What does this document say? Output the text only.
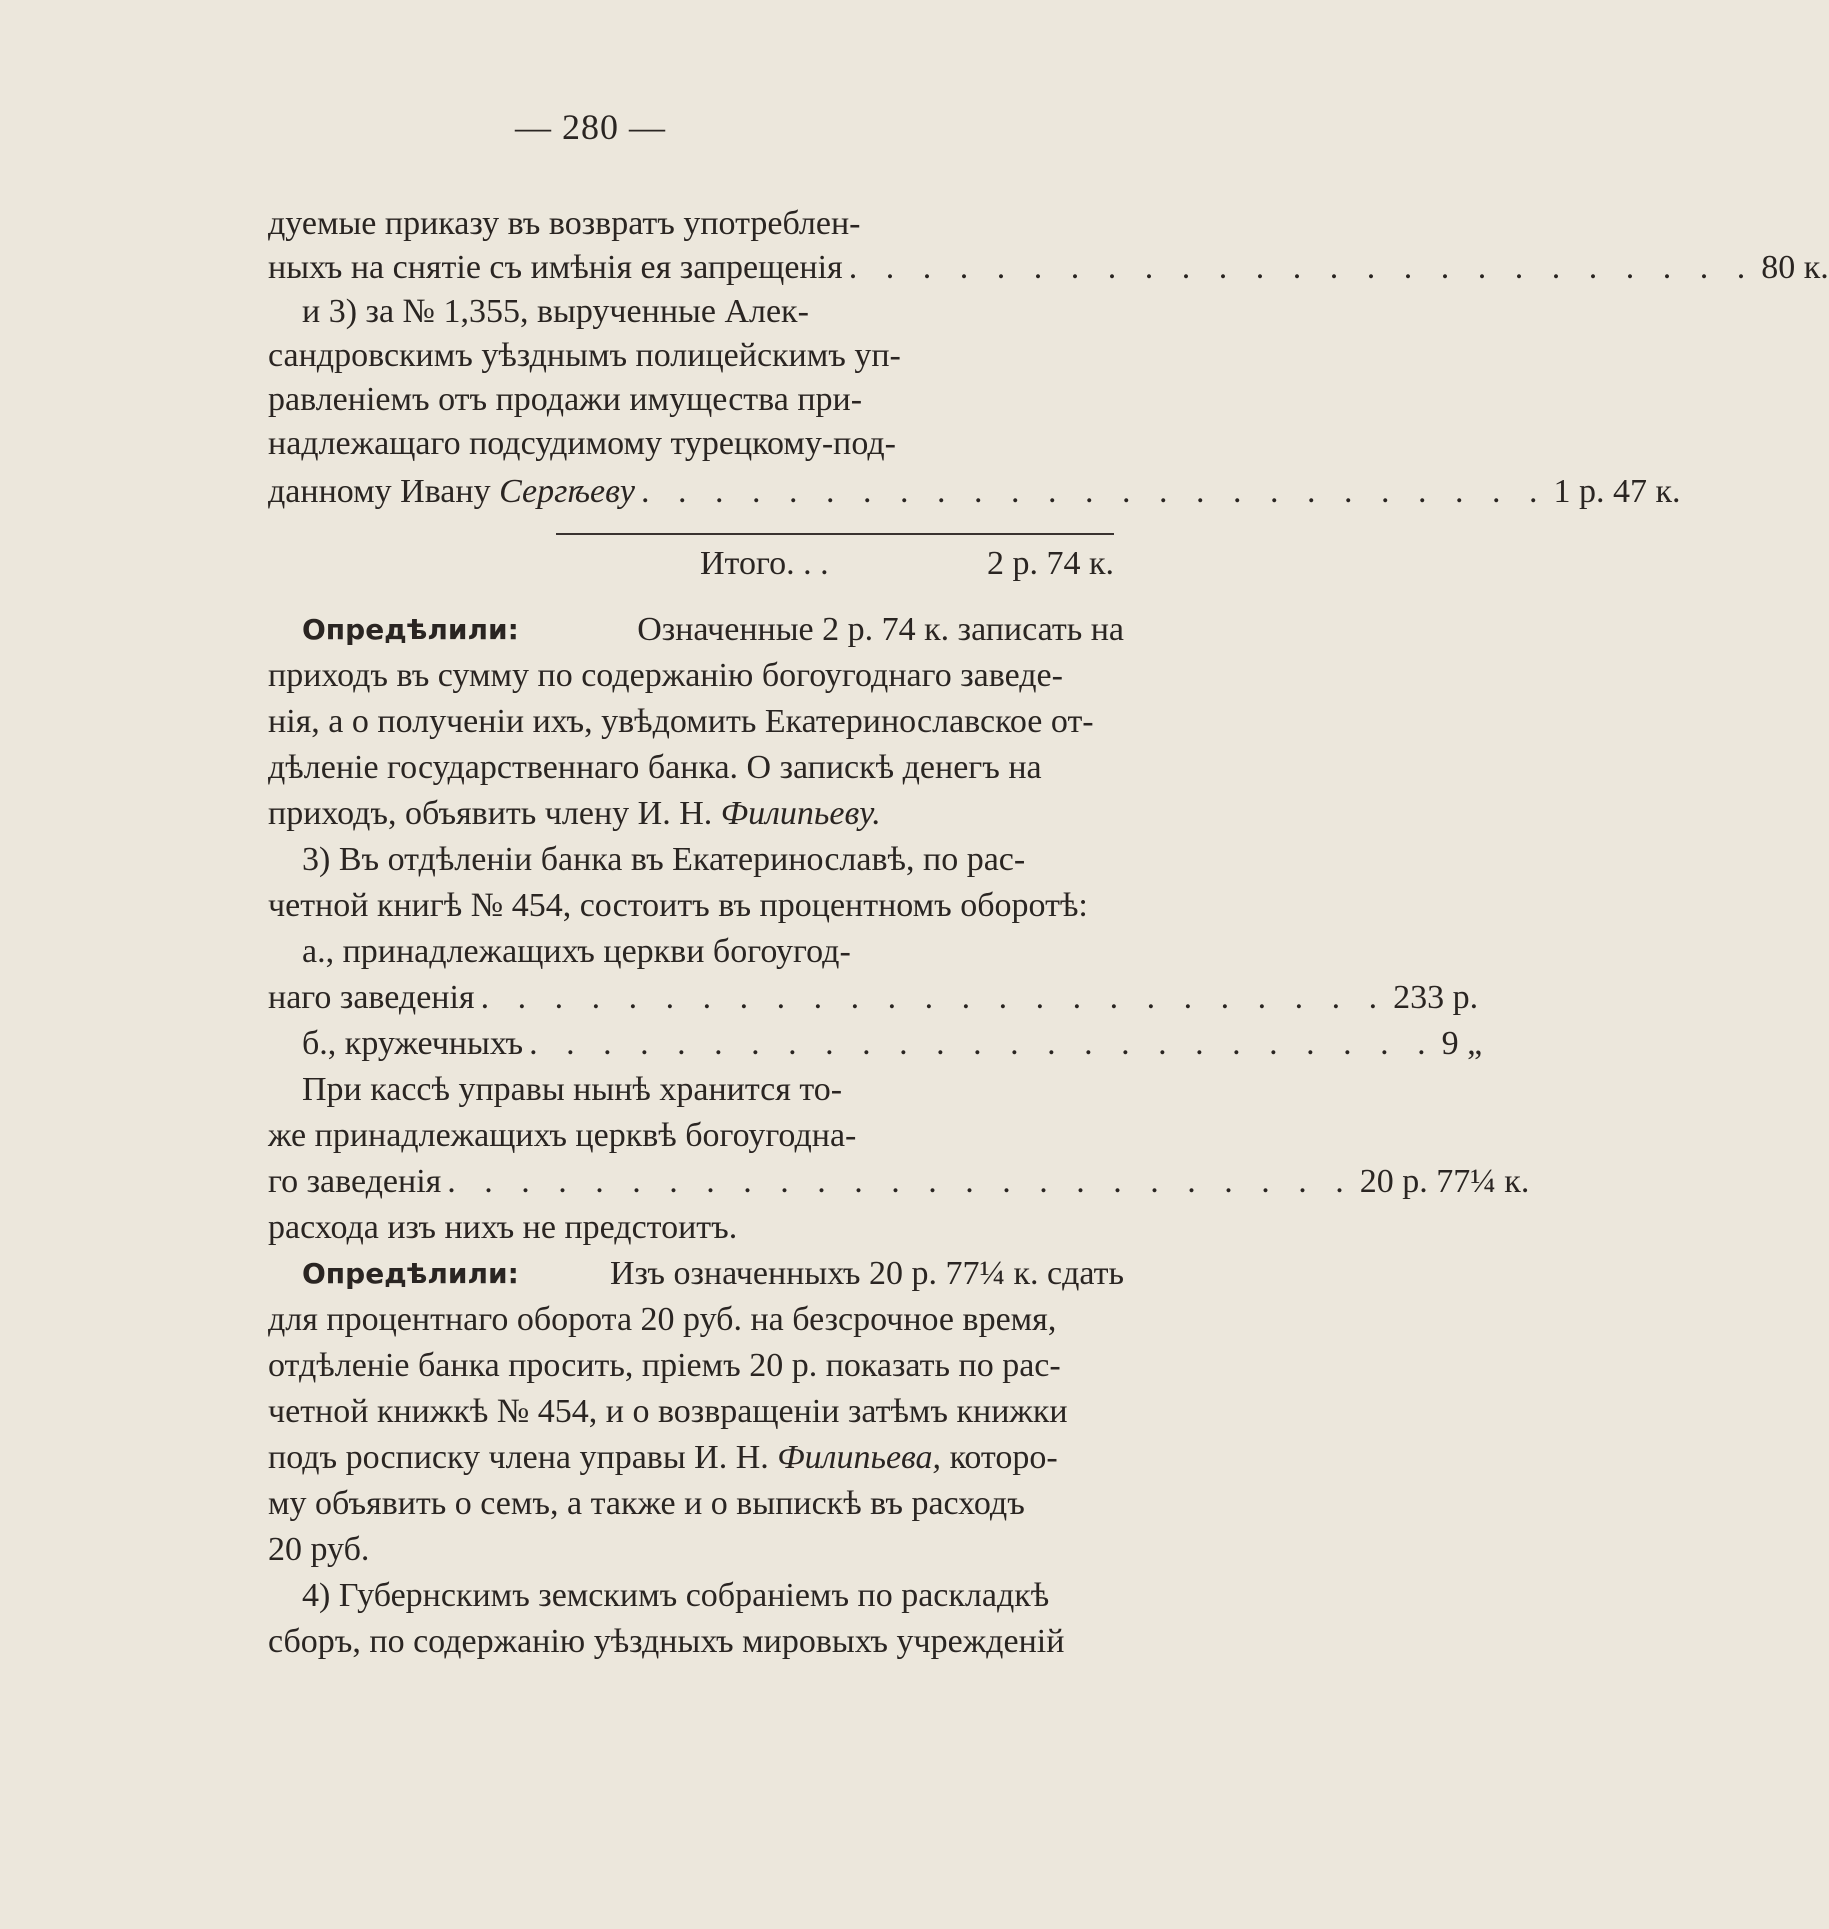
— 280 —
дуемые приказу въ возвратъ употреблен-
ныхъ на снятіе съ имѣнія ея запрещенія . . . . . . . . . . . . . . . . . . . . . . . . . 80 к.
и 3) за № 1,355, вырученные Алек-
сандровскимъ уѣзднымъ полицейскимъ уп-
равленіемъ отъ продажи имущества при-
надлежащаго подсудимому турецкому-под-
данному Ивану Сергѣеву . . . . . . . . . . . . . . . . . . . . . . . . . 1 р. 47 к.
Итого. . .	2 р. 74 к.
Опредѣлили:	Означенные 2 р. 74 к. записать на
приходъ въ сумму по содержанію богоугоднаго заведе-
нія, а о полученіи ихъ, увѣдомить Екатеринославское от-
дѣленіе государственнаго банка. О запискѣ денегъ на
приходъ, объявить члену И. Н. Филипьеву.
3) Въ отдѣленіи банка въ Екатеринославѣ, по рас-
четной книгѣ № 454, состоитъ въ процентномъ оборотѣ:
а., принадлежащихъ церкви богоугод-
наго заведенія . . . . . . . . . . . . . . . . . . . . . . . . . 233 р.
б., кружечныхъ . . . . . . . . . . . . . . . . . . . . . . . . . 9 „
При кассѣ управы нынѣ хранится то-
же принадлежащихъ церквѣ богоугодна-
го заведенія . . . . . . . . . . . . . . . . . . . . . . . . . 20 р. 77¼ к.
расхода изъ нихъ не предстоитъ.
Опредѣлили:	Изъ означенныхъ 20 р. 77¼ к. сдать
для процентнаго оборота 20 руб. на безсрочное время,
отдѣленіе банка просить, пріемъ 20 р. показать по рас-
четной книжкѣ № 454, и о возвращеніи затѣмъ книжки
подъ росписку члена управы И. Н. Филипьева, которо-
му объявить о семъ, а также и о выпискѣ въ расходъ
20 руб.
4) Губернскимъ земскимъ собраніемъ по раскладкѣ
сборъ, по содержанію уѣздныхъ мировыхъ учрежденій
